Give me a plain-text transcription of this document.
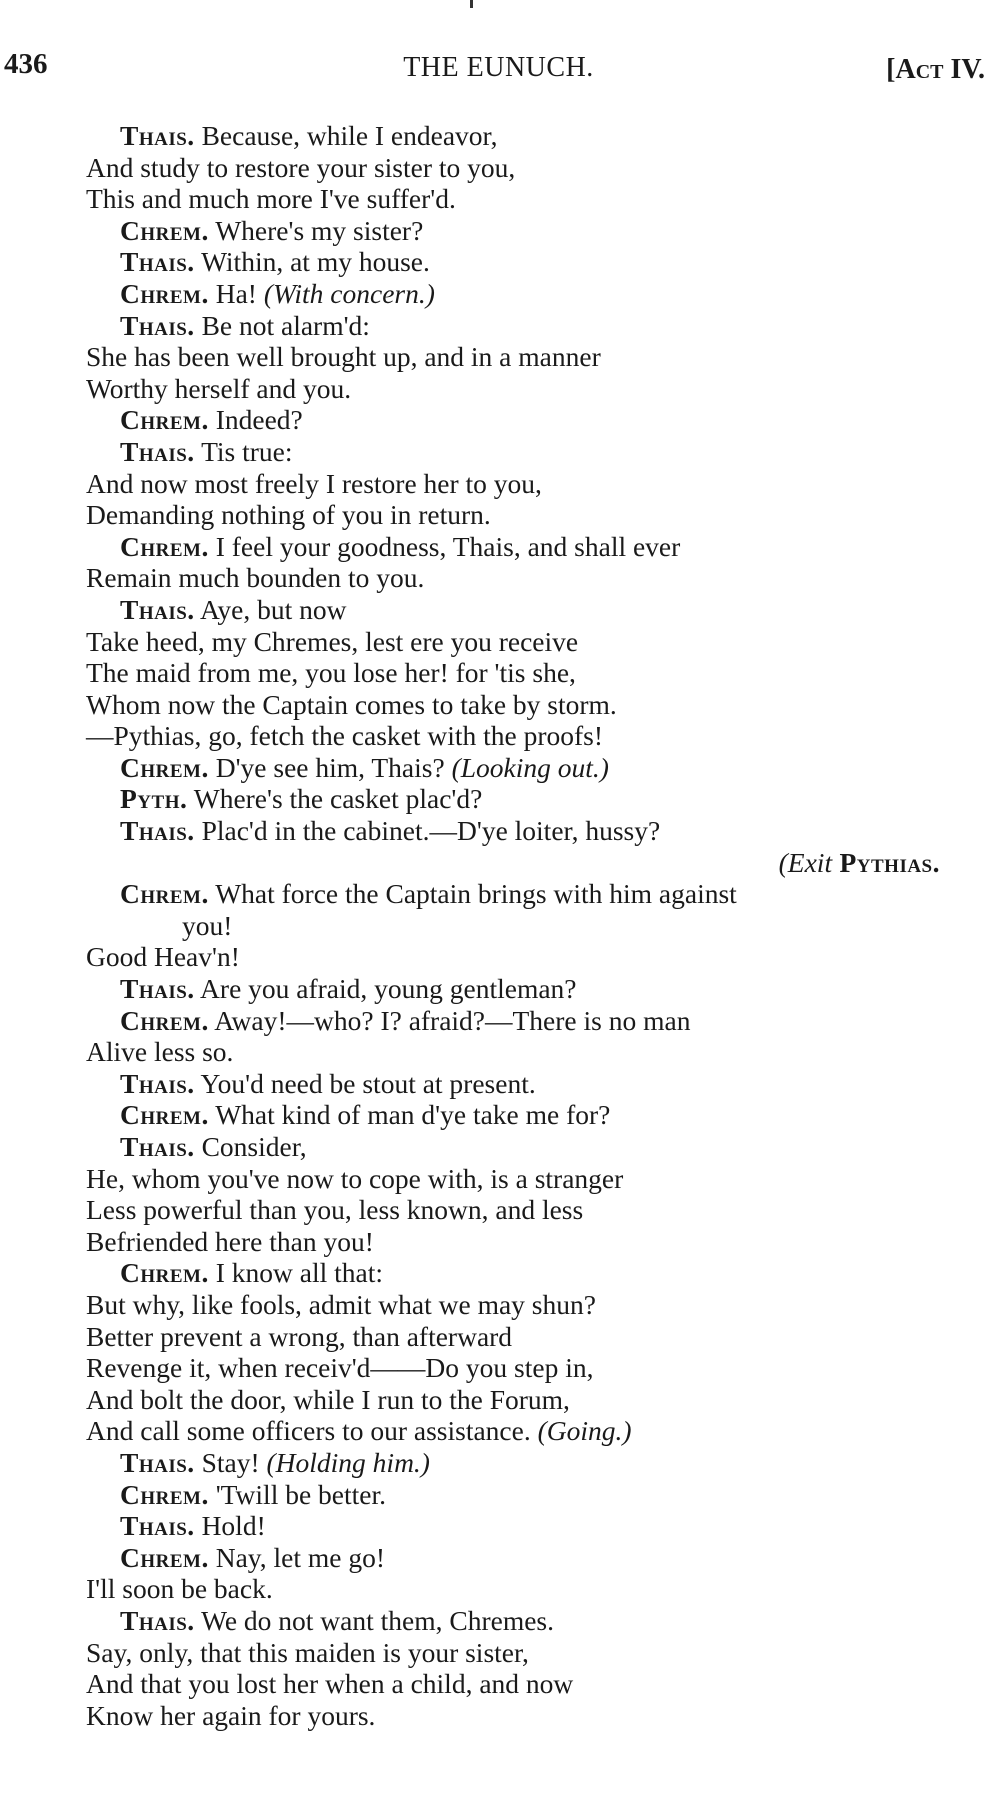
436	THE EUNUCH.	[Act IV.
Thais. Because, while I endeavor,
And study to restore your sister to you,
This and much more I've suffer'd.
Chrem. Where's my sister?
Thais. Within, at my house.
Chrem. Ha! (With concern.)
Thais. Be not alarm'd:
She has been well brought up, and in a manner
Worthy herself and you.
Chrem. Indeed?
Thais. Tis true:
And now most freely I restore her to you,
Demanding nothing of you in return.
Chrem. I feel your goodness, Thais, and shall ever
Remain much bounden to you.
Thais. Aye, but now
Take heed, my Chremes, lest ere you receive
The maid from me, you lose her! for 'tis she,
Whom now the Captain comes to take by storm.
—Pythias, go, fetch the casket with the proofs!
Chrem. D'ye see him, Thais? (Looking out.)
Pyth. Where's the casket plac'd?
Thais. Plac'd in the cabinet.—D'ye loiter, hussy?
(Exit Pythias.
Chrem. What force the Captain brings with him against
you!
Good Heav'n!
Thais. Are you afraid, young gentleman?
Chrem. Away!—who? I? afraid?—There is no man
Alive less so.
Thais. You'd need be stout at present.
Chrem. What kind of man d'ye take me for?
Thais. Consider,
He, whom you've now to cope with, is a stranger
Less powerful than you, less known, and less
Befriended here than you!
Chrem. I know all that:
But why, like fools, admit what we may shun?
Better prevent a wrong, than afterward
Revenge it, when receiv'd——Do you step in,
And bolt the door, while I run to the Forum,
And call some officers to our assistance. (Going.)
Thais. Stay! (Holding him.)
Chrem. 'Twill be better.
Thais. Hold!
Chrem. Nay, let me go!
I'll soon be back.
Thais. We do not want them, Chremes.
Say, only, that this maiden is your sister,
And that you lost her when a child, and now
Know her again for yours.
